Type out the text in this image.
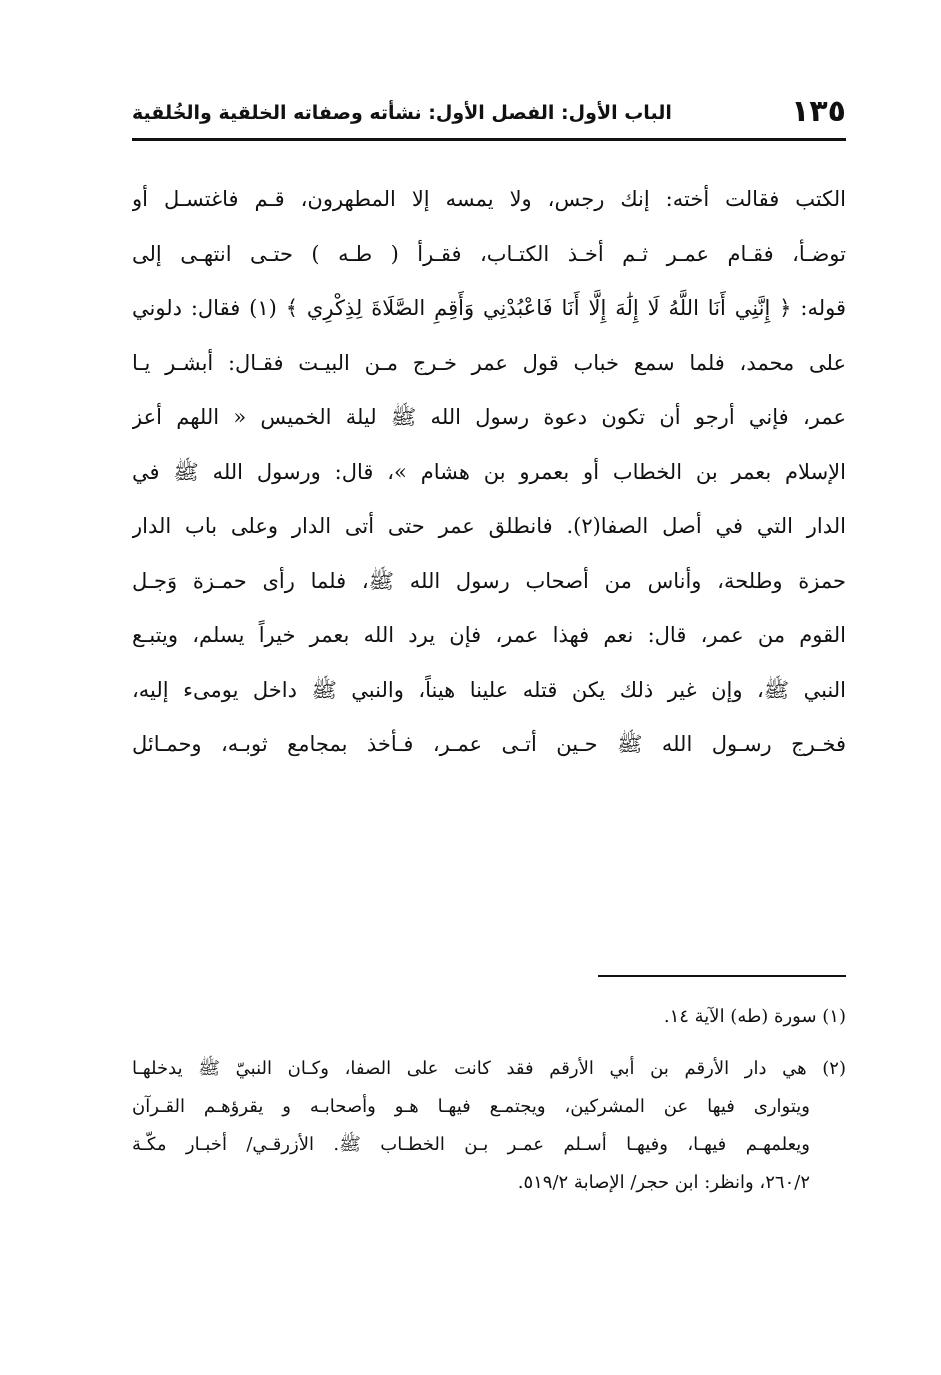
١٣٥
الباب الأول: الفصل الأول: نشأته وصفاته الخلقية والخُلقية
الكتب فقالت أخته: إنك رجس، ولا يمسه إلا المطهرون، قـم فاغتسـل أو
توضـأ، فقـام عمـر ثـم أخـذ الكتـاب، فقـرأ ( طـه ) حتـى انتهـى إلى
قوله: ﴿ إِنَّنِي أَنَا اللَّهُ لَا إِلَٰهَ إِلَّا أَنَا فَاعْبُدْنِي وَأَقِمِ الصَّلَاةَ لِذِكْرِي ﴾ (١) فقال: دلوني
على محمد، فلما سمع خباب قول عمر خـرج مـن البيـت فقـال: أبشـر يـا
عمر، فإني أرجو أن تكون دعوة رسول الله ﷺ ليلة الخميس « اللهم أعز
الإسلام بعمر بن الخطاب أو بعمرو بن هشام »، قال: ورسول الله ﷺ في
الدار التي في أصل الصفا(٢). فانطلق عمر حتى أتى الدار وعلى باب الدار
حمزة وطلحة، وأناس من أصحاب رسول الله ﷺ، فلما رأى حمـزة وَجـل
القوم من عمر، قال: نعم فهذا عمر، فإن يرد الله بعمر خيراً يسلم، ويتبـع
النبي ﷺ، وإن غير ذلك يكن قتله علينا هيناً، والنبي ﷺ داخل يومىء إليه،
فخـرج رسـول الله ﷺ حـين أتـى عمـر، فـأخذ بمجامع ثوبـه، وحمـائل
(١) سورة (طه) الآية ١٤.
(٢) هي دار الأرقم بن أبي الأرقم فقد كانت على الصفا، وكـان النبيّ ﷺ يدخلهـا
ويتوارى فيها عن المشركين، ويجتمـع فيهـا هـو وأصحابـه و يقرؤهـم القـرآن
ويعلمهـم فيهـا، وفيهـا أسـلم عمـر بـن الخطـاب ﷺ. الأزرقـي/ أخبـار مكّـة
٢٦٠/٢، وانظر: ابن حجر/ الإصابة ٥١٩/٢.
